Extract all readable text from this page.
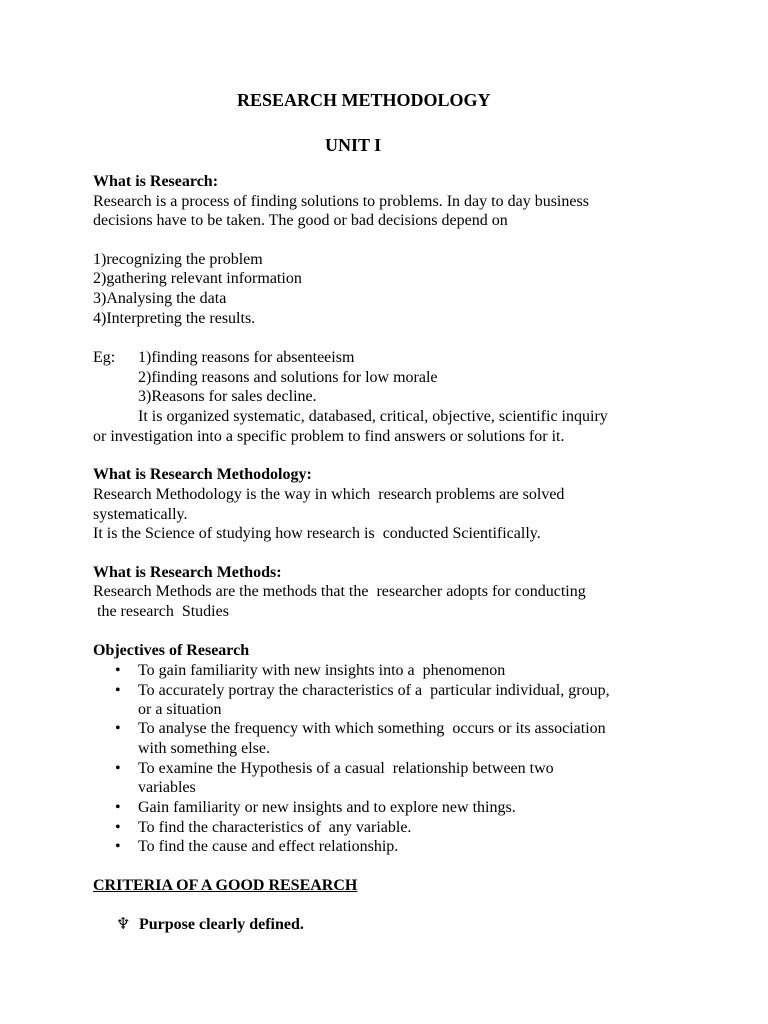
RESEARCH METHODOLOGY
UNIT I
What is Research:
Research is a process of finding solutions to problems. In day to day business
decisions have to be taken. The good or bad decisions depend on
1)recognizing the problem
2)gathering relevant information
3)Analysing the data
4)Interpreting the results.
Eg: 1)finding reasons for absenteeism
2)finding reasons and solutions for low morale
3)Reasons for sales decline.
It is organized systematic, databased, critical, objective, scientific inquiry
or investigation into a specific problem to find answers or solutions for it.
What is Research Methodology:
Research Methodology is the way in which  research problems are solved
systematically.
It is the Science of studying how research is  conducted Scientifically.
What is Research Methods:
Research Methods are the methods that the  researcher adopts for conducting
the research  Studies
Objectives of Research
• To gain familiarity with new insights into a  phenomenon
• To accurately portray the characteristics of a  particular individual, group,
or a situation
• To analyse the frequency with which something  occurs or its association
with something else.
• To examine the Hypothesis of a casual  relationship between two
variables
• Gain familiarity or new insights and to explore new things.
• To find the characteristics of  any variable.
• To find the cause and effect relationship.
CRITERIA OF A GOOD RESEARCH
♆ Purpose clearly defined.
